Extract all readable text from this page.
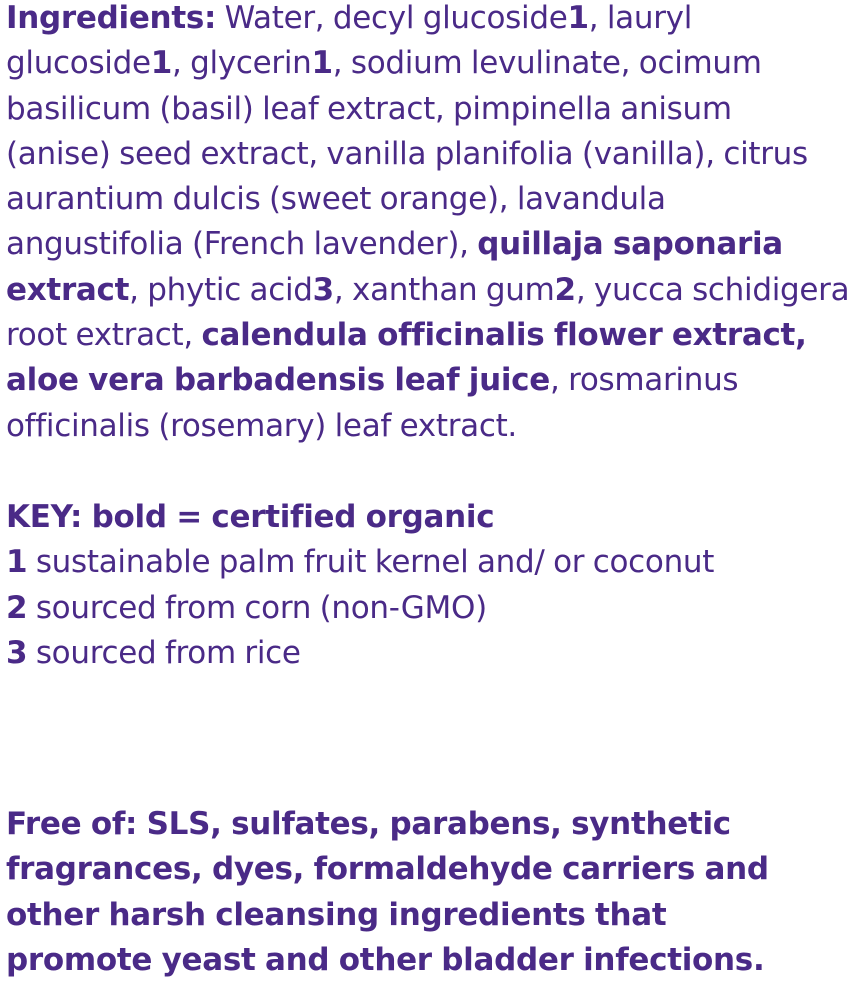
Ingredients: Water, decyl glucoside1, lauryl
glucoside1, glycerin1, sodium levulinate, ocimum
basilicum (basil) leaf extract, pimpinella anisum
(anise) seed extract, vanilla planifolia (vanilla), citrus
aurantium dulcis (sweet orange), lavandula
angustifolia (French lavender), quillaja saponaria
extract, phytic acid3, xanthan gum2, yucca schidigera
root extract, calendula officinalis flower extract,
aloe vera barbadensis leaf juice, rosmarinus
officinalis (rosemary) leaf extract.
KEY: bold = certified organic
1 sustainable palm fruit kernel and/ or coconut
2 sourced from corn (non-GMO)
3 sourced from rice
Free of: SLS, sulfates, parabens, synthetic
fragrances, dyes, formaldehyde carriers and
other harsh cleansing ingredients that
promote yeast and other bladder infections.
